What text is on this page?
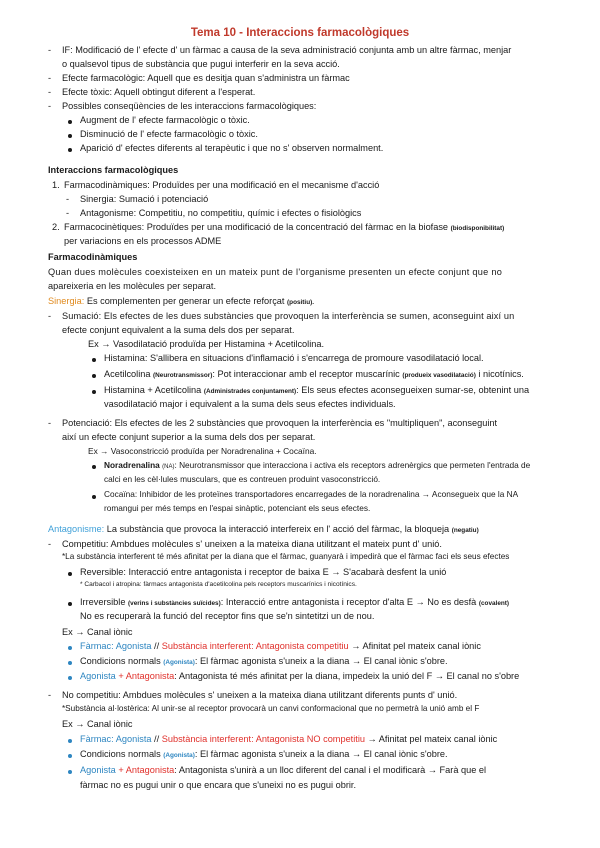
Tema 10 - Interaccions farmacològiques
- IF: Modificació de l' efecte d' un fàrmac a causa de la seva administració conjunta amb un altre fàrmac, menjar
o qualsevol tipus de substància que pugui interferir en la seva acció.
- Efecte farmacològic: Aquell que es desitja quan s'administra un fàrmac
- Efecte tòxic: Aquell obtingut diferent a l'esperat.
- Possibles conseqüències de les interaccions farmacològiques:
Augment de l' efecte farmacològic o tòxic.
Disminució de l' efecte farmacològic o tòxic.
Aparició d' efectes diferents al terapèutic i que no s' observen normalment.
Interaccions farmacològiques
1. Farmacodinàmiques: Produïdes per una modificació en el mecanisme d'acció
- Sinergia: Sumació i potenciació
- Antagonisme: Competitiu, no competitiu, químic i efectes o fisiològics
2. Farmacocinètiques: Produïdes per una modificació de la concentració del fàrmac en la biofase (biodisponibilitat)
per variacions en els processos ADME
Farmacodinàmiques
Quan dues molècules coexisteixen en un mateix punt de l'organisme presenten un efecte conjunt que no
apareixeria en les molècules per separat.
Sinergia: Es complementen per generar un efecte reforçat (positiu).
- Sumació: Els efectes de les dues substàncies que provoquen la interferència se sumen, aconseguint així un
efecte conjunt equivalent a la suma dels dos per separat.
Ex → Vasodilatació produïda per Histamina + Acetilcolina.
Histamina: S'allibera en situacions d'inflamació i s'encarrega de promoure vasodilatació local.
Acetilcolina (Neurotransmissor): Pot interaccionar amb el receptor muscarínic (produeix vasodilatació) i nicotínics.
Histamina + Acetilcolina (Administrades conjuntament): Els seus efectes aconsegueixen sumar-se, obtenint una
vasodilatació major i equivalent a la suma dels seus efectes individuals.
- Potenciació: Els efectes de les 2 substàncies que provoquen la interferència es "multipliquen", aconseguint
així un efecte conjunt superior a la suma dels dos per separat.
Ex → Vasoconstricció produïda per Noradrenalina + Cocaïna.
Noradrenalina (NA): Neurotransmissor que interacciona i activa els receptors adrenèrgics que permeten l'entrada de
calci en les cèl·lules musculars, que es contreuen produint vasoconstricció.
Cocaïna: Inhibidor de les proteïnes transportadores encarregades de la noradrenalina → Aconsegueix que la NA
romangui per més temps en l'espai sinàptic, potenciant els seus efectes.
Antagonisme: La substància que provoca la interacció interfereix en l' acció del fàrmac, la bloqueja (negatiu)
- Competitiu: Ambdues molècules s' uneixen a la mateixa diana utilitzant el mateix punt d' unió.
*La substància interferent té més afinitat per la diana que el fàrmac, guanyarà i impedirà que el fàrmac faci els seus efectes
Reversible: Interacció entre antagonista i receptor de baixa E → S'acabarà desfent la unió
* Carbacol i atropina: fàrmacs antagonista d'acetilcolina pels receptors muscarínics i nicotínics.
Irreversible (verins i substàncies suïcides): Interacció entre antagonista i receptor d'alta E → No es desfà (covalent)
No es recuperarà la funció del receptor fins que se'n sintetitzi un de nou.
Ex → Canal iònic
Fàrmac: Agonista // Substància interferent: Antagonista competitiu → Afinitat pel mateix canal iònic
Condicions normals (Agonista): El fàrmac agonista s'uneix a la diana → El canal iònic s'obre.
Agonista + Antagonista: Antagonista té més afinitat per la diana, impedeix la unió del F → El canal no s'obre
- No competitiu: Ambdues molècules s' uneixen a la mateixa diana utilitzant diferents punts d' unió.
*Substància al·lostèrica: Al unir-se al receptor provocarà un canvi conformacional que no permetrà la unió amb el F
Ex → Canal iònic
Fàrmac: Agonista // Substància interferent: Antagonista NO competitiu → Afinitat pel mateix canal iònic
Condicions normals (Agonista): El fàrmac agonista s'uneix a la diana → El canal iònic s'obre.
Agonista + Antagonista: Antagonista s'unirà a un lloc diferent del canal i el modificarà → Farà que el
fàrmac no es pugui unir o que encara que s'uneixi no es pugui obrir.
